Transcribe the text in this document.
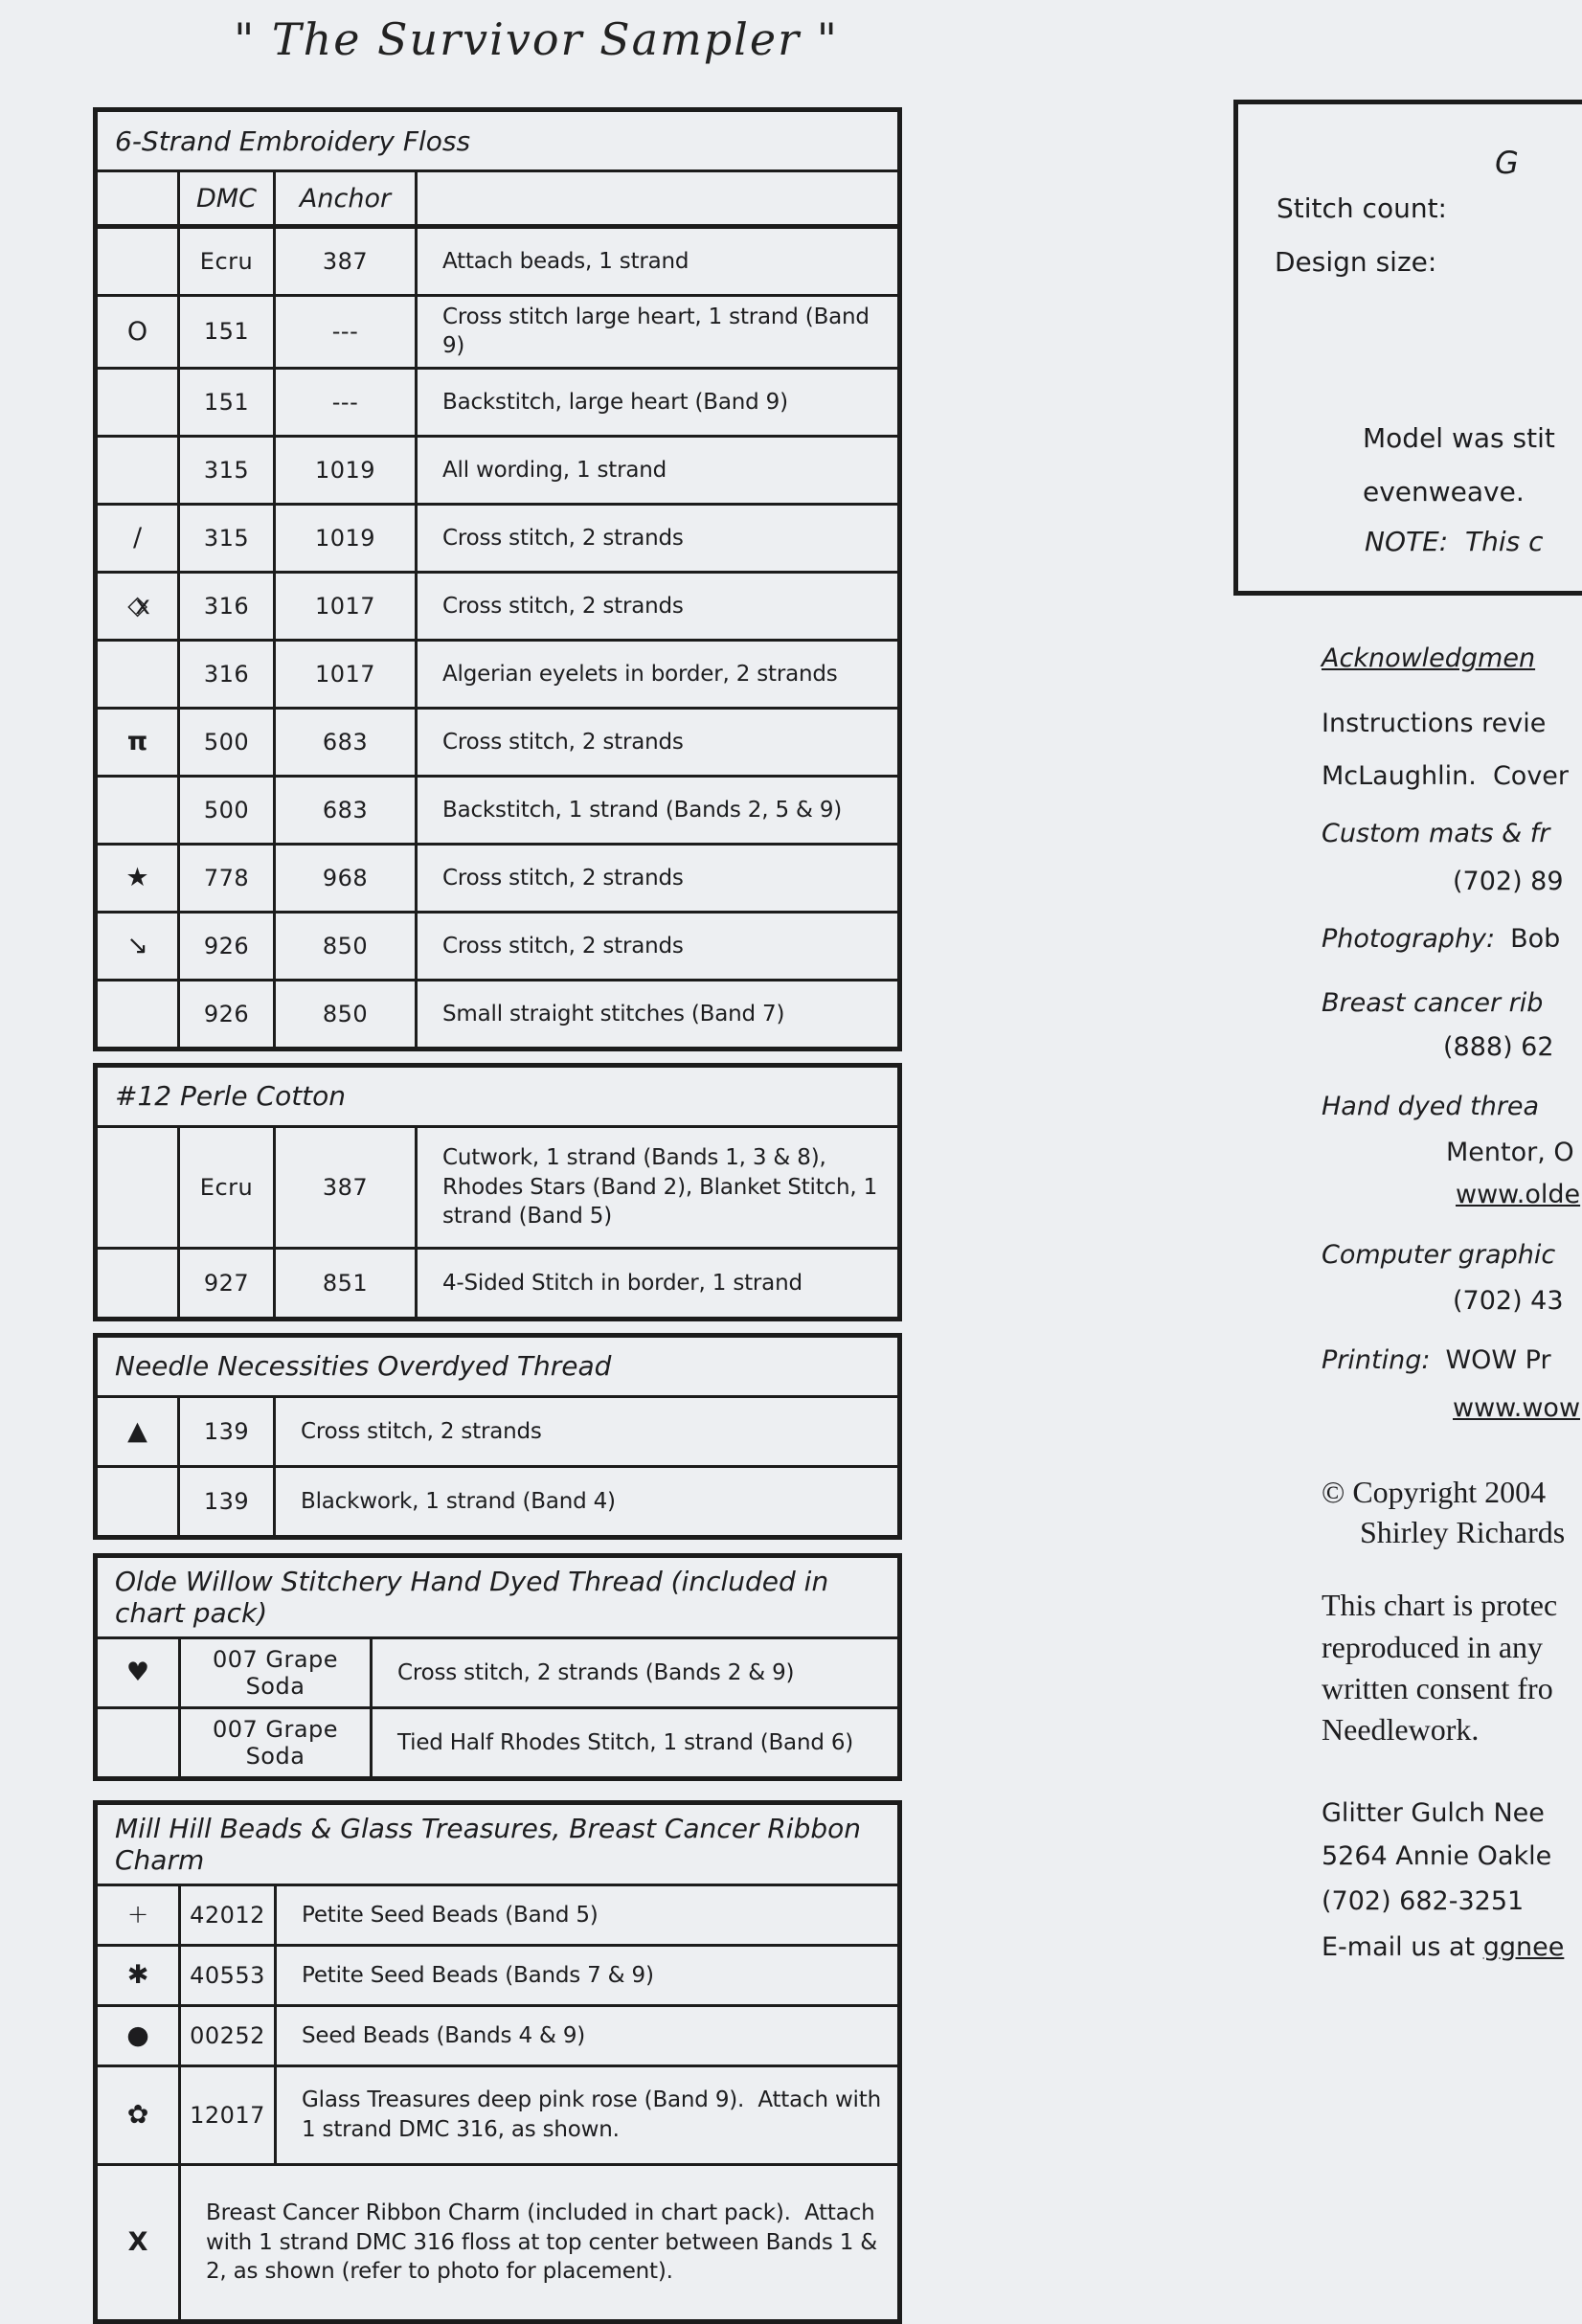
" The Survivor Sampler "
6-Strand Embroidery Floss			
	DMC	Anchor	
	Ecru	387	Attach beads, 1 strand
O	151	---	Cross stitch large heart, 1 strand (Band 9)
	151	---	Backstitch, large heart (Band 9)
	315	1019	All wording, 1 strand
/	315	1019	Cross stitch, 2 strands
◇x	316	1017	Cross stitch, 2 strands
	316	1017	Algerian eyelets in border, 2 strands
π	500	683	Cross stitch, 2 strands
	500	683	Backstitch, 1 strand (Bands 2, 5 & 9)
★	778	968	Cross stitch, 2 strands
↘	926	850	Cross stitch, 2 strands
	926	850	Small straight stitches (Band 7)
#12 Perle Cotton			
	Ecru	387	Cutwork, 1 strand (Bands 1, 3 & 8), Rhodes Stars (Band 2), Blanket Stitch, 1 strand (Band 5)
	927	851	4-Sided Stitch in border, 1 strand
Needle Necessities Overdyed Thread		
▲	139	Cross stitch, 2 strands
	139	Blackwork, 1 strand (Band 4)
Olde Willow Stitchery Hand Dyed Thread (included in chart pack)		
♥	007 Grape Soda	Cross stitch, 2 strands (Bands 2 & 9)
	007 Grape Soda	Tied Half Rhodes Stitch, 1 strand (Band 6)
Mill Hill Beads & Glass Treasures, Breast Cancer Ribbon Charm		
+	42012	Petite Seed Beads (Band 5)
✱	40553	Petite Seed Beads (Bands 7 & 9)
●	00252	Seed Beads (Bands 4 & 9)
✿	12017	Glass Treasures deep pink rose (Band 9).  Attach with 1 strand DMC 316, as shown.
X	Breast Cancer Ribbon Charm (included in chart pack).  Attach with 1 strand DMC 316 floss at top center between Bands 1 & 2, as shown (refer to photo for placement).	
G
Stitch count:
Design size:
Model was stit
evenweave.
NOTE:  This c
Acknowledgmen
Instructions revie
McLaughlin.  Cover
Custom mats & fr
(702) 89
Photography: Bob
Breast cancer rib
(888) 62
Hand dyed threa
Mentor, O
www.olde
Computer graphic
(702) 43
Printing: WOW Pr
www.wow
© Copyright 2004
Shirley Richards
This chart is protec
reproduced in any
written consent fro
Needlework.
Glitter Gulch Nee
5264 Annie Oakle
(702) 682-3251
E-mail us at ggnee
